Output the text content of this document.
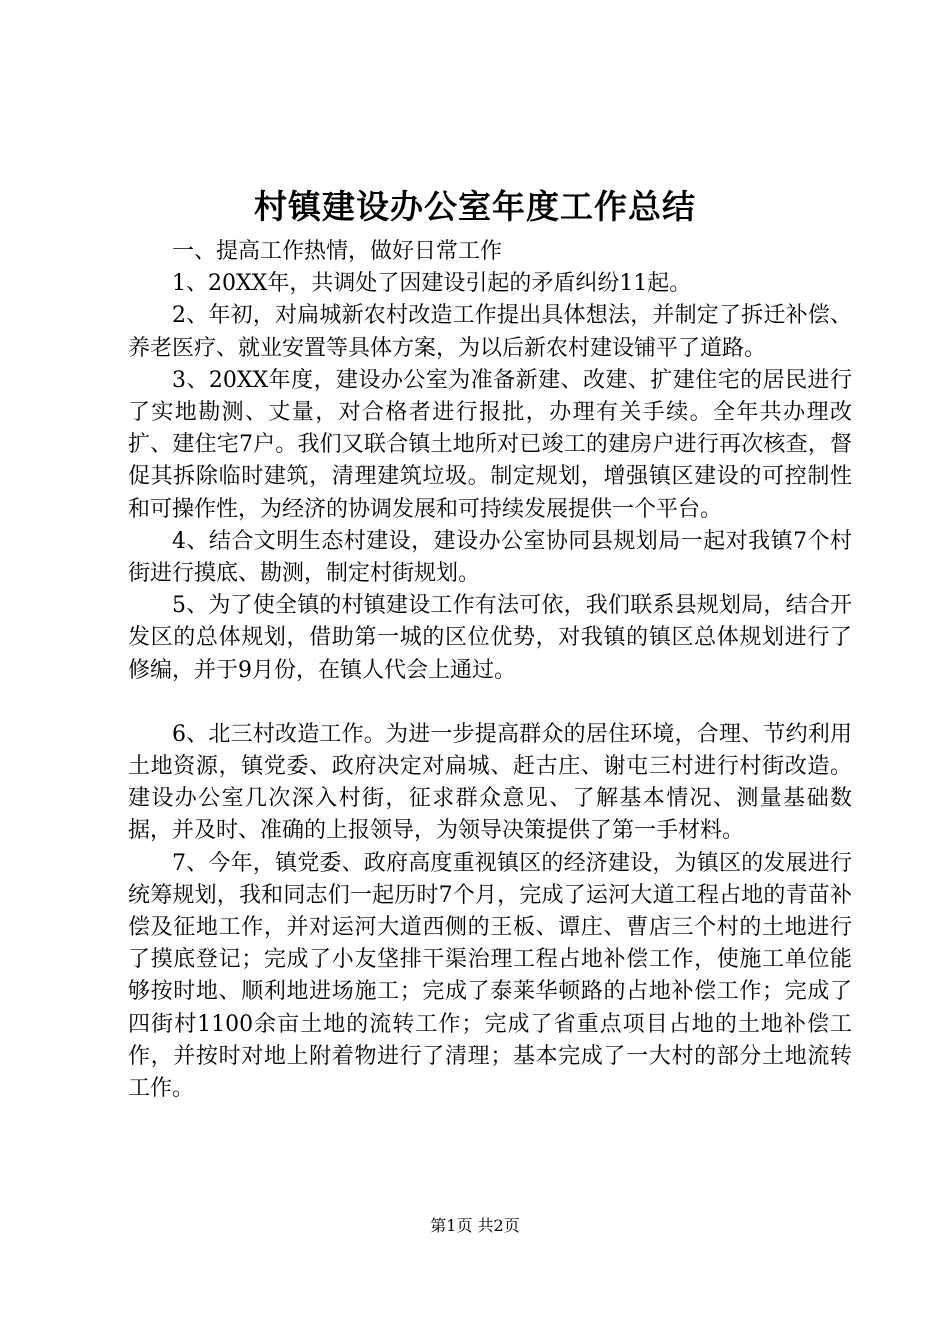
村镇建设办公室年度工作总结

一、提高工作热情，做好日常工作

1、20XX年，共调处了因建设引起的矛盾纠纷11起。

2、年初，对扁城新农村改造工作提出具体想法，并制定了拆迁补偿、养老医疗、就业安置等具体方案，为以后新农村建设铺平了道路。

3、20XX年度，建设办公室为准备新建、改建、扩建住宅的居民进行了实地勘测、丈量，对合格者进行报批，办理有关手续。全年共办理改扩、建住宅7户。我们又联合镇土地所对已竣工的建房户进行再次核查，督促其拆除临时建筑，清理建筑垃圾。制定规划，增强镇区建设的可控制性和可操作性，为经济的协调发展和可持续发展提供一个平台。

4、结合文明生态村建设，建设办公室协同县规划局一起对我镇7个村街进行摸底、勘测，制定村街规划。

5、为了使全镇的村镇建设工作有法可依，我们联系县规划局，结合开发区的总体规划，借助第一城的区位优势，对我镇的镇区总体规划进行了修编，并于9月份，在镇人代会上通过。

6、北三村改造工作。为进一步提高群众的居住环境，合理、节约利用土地资源，镇党委、政府决定对扁城、赶古庄、谢屯三村进行村街改造。建设办公室几次深入村街，征求群众意见、了解基本情况、测量基础数据，并及时、准确的上报领导，为领导决策提供了第一手材料。

7、今年，镇党委、政府高度重视镇区的经济建设，为镇区的发展进行统筹规划，我和同志们一起历时7个月，完成了运河大道工程占地的青苗补偿及征地工作，并对运河大道西侧的王板、谭庄、曹店三个村的土地进行了摸底登记；完成了小友垡排干渠治理工程占地补偿工作，使施工单位能够按时地、顺利地进场施工；完成了泰莱华顿路的占地补偿工作；完成了四街村1100余亩土地的流转工作；完成了省重点项目占地的土地补偿工作，并按时对地上附着物进行了清理；基本完成了一大村的部分土地流转工作。

第1页 共2页
